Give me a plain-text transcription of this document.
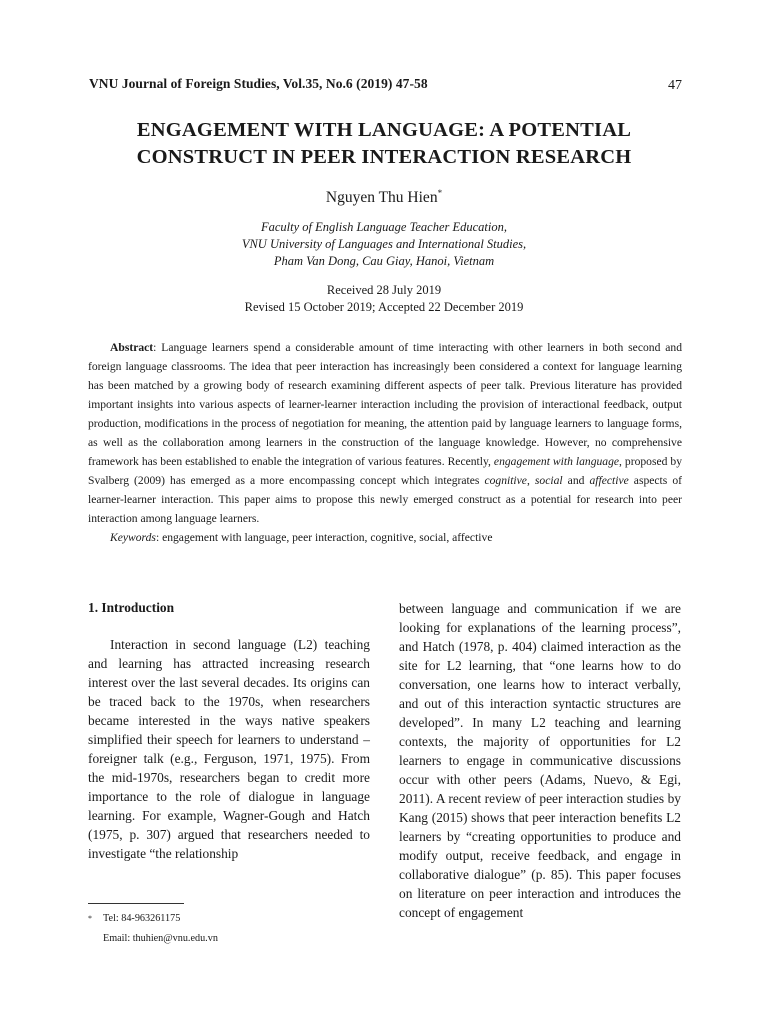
VNU Journal of Foreign Studies, Vol.35, No.6 (2019) 47-58	47
ENGAGEMENT WITH LANGUAGE: A POTENTIAL
CONSTRUCT IN PEER INTERACTION RESEARCH
Nguyen Thu Hien*
Faculty of English Language Teacher Education,
VNU University of Languages and International Studies,
Pham Van Dong, Cau Giay, Hanoi, Vietnam
Received 28 July 2019
Revised 15 October 2019; Accepted 22 December 2019

Abstract: Language learners spend a considerable amount of time interacting with other learners in both second and foreign language classrooms. The idea that peer interaction has increasingly been considered a context for language learning has been matched by a growing body of research examining different aspects of peer talk. Previous literature has provided important insights into various aspects of learner-learner interaction including the provision of interactional feedback, output production, modifications in the process of negotiation for meaning, the attention paid by language learners to language forms, as well as the collaboration among learners in the construction of the language knowledge. However, no comprehensive framework has been established to enable the integration of various features. Recently, engagement with language, proposed by Svalberg (2009) has emerged as a more encompassing concept which integrates cognitive, social and affective aspects of learner-learner interaction. This paper aims to propose this newly emerged construct as a potential for research into peer interaction among language learners.

Keywords: engagement with language, peer interaction, cognitive, social, affective

1. Introduction

Interaction in second language (L2) teaching and learning has attracted increasing research interest over the last several decades. Its origins can be traced back to the 1970s, when researchers became interested in the ways native speakers simplified their speech for learners to understand – foreigner talk (e.g., Ferguson, 1971, 1975). From the mid-1970s, researchers began to credit more importance to the role of dialogue in language learning. For example, Wagner-Gough and Hatch (1975, p. 307) argued that researchers needed to investigate “the relationship

between language and communication if we are looking for explanations of the learning process”, and Hatch (1978, p. 404) claimed interaction as the site for L2 learning, that “one learns how to do conversation, one learns how to interact verbally, and out of this interaction syntactic structures are developed”. In many L2 teaching and learning contexts, the majority of opportunities for L2 learners to engage in communicative discussions occur with other peers (Adams, Nuevo, & Egi, 2011). A recent review of peer interaction studies by Kang (2015) shows that peer interaction benefits L2 learners by “creating opportunities to produce and modify output, receive feedback, and engage in collaborative dialogue” (p. 85). This paper focuses on literature on peer interaction and introduces the concept of engagement

* Tel: 84-963261175
Email: thuhien@vnu.edu.vn
